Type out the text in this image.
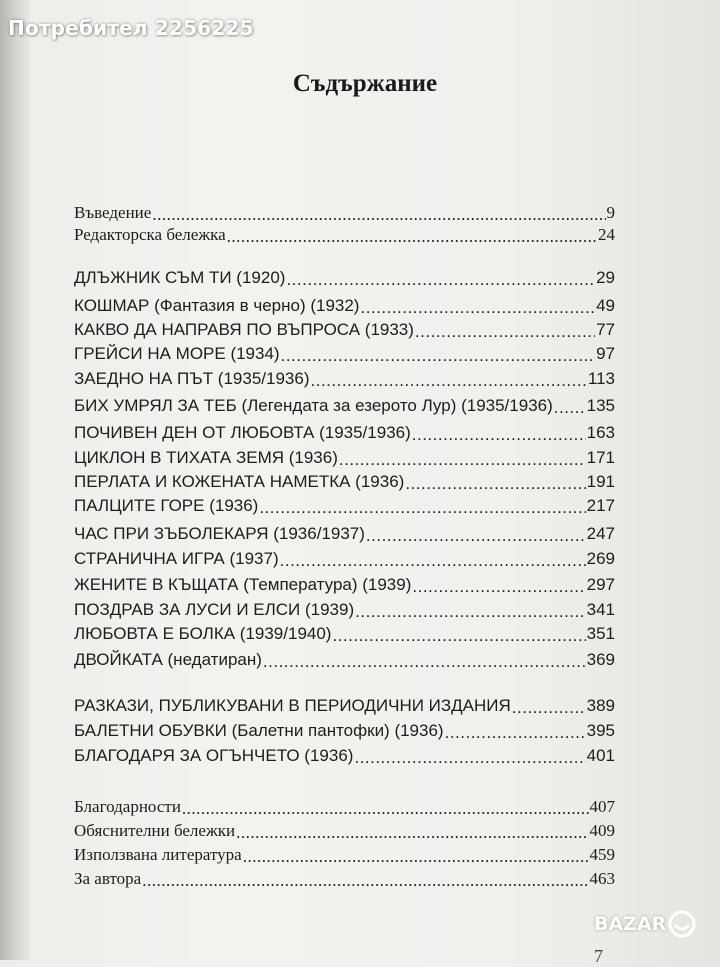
Потребител 2256225
Съдържание
Въведение .....	9
Редакторска бележка .....	24
ДЛЪЖНИК СЪМ ТИ (1920) .....	29
КОШМАР (Фантазия в черно) (1932) .....	49
КАКВО ДА НАПРАВЯ ПО ВЪПРОСА (1933) .....	77
ГРЕЙСИ НА МОРЕ (1934) .....	97
ЗАЕДНО НА ПЪТ (1935/1936) .....	113
БИХ УМРЯЛ ЗА ТЕБ (Легендата за езерото Лур) (1935/1936) ..... 135
ПОЧИВЕН ДЕН ОТ ЛЮБОВТА (1935/1936) .....	163
ЦИКЛОН В ТИХАТА ЗЕМЯ (1936) .....	171
ПЕРЛАТА И КОЖЕНАТА НАМЕТКА (1936) .....	191
ПАЛЦИТЕ ГОРЕ (1936) .....	217
ЧАС ПРИ ЗЪБОЛЕКАРЯ (1936/1937) .....	247
СТРАНИЧНА ИГРА (1937) .....	269
ЖЕНИТЕ В КЪЩАТА (Температура) (1939) .....	297
ПОЗДРАВ ЗА ЛУСИ И ЕЛСИ (1939) .....	341
ЛЮБОВТА Е БОЛКА (1939/1940) .....	351
ДВОЙКАТА (недатиран) .....	369
РАЗКАЗИ, ПУБЛИКУВАНИ В ПЕРИОДИЧНИ ИЗДАНИЯ .....	389
БАЛЕТНИ ОБУВКИ (Балетни пантофки) (1936) .....	395
БЛАГОДАРЯ ЗА ОГЪНЧЕТО (1936) .....	401
Благодарности .....	407
Обяснителни бележки .....	409
Използвана литература .....	459
За автора .....	463
7
BAZAR
